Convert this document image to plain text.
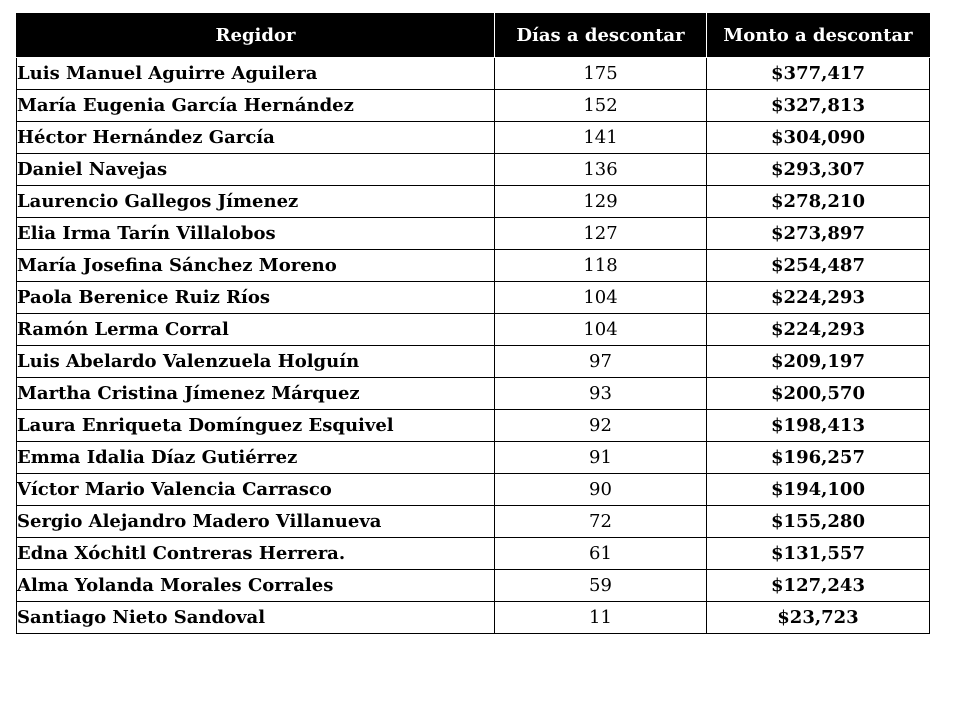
Regidor	Días a descontar	Monto a descontar
Luis Manuel Aguirre Aguilera	175	$377,417
María Eugenia García Hernández	152	$327,813
Héctor Hernández García	141	$304,090
Daniel Navejas	136	$293,307
Laurencio Gallegos Jímenez	129	$278,210
Elia Irma Tarín Villalobos	127	$273,897
María Josefina Sánchez Moreno	118	$254,487
Paola Berenice Ruiz Ríos	104	$224,293
Ramón Lerma Corral	104	$224,293
Luis Abelardo Valenzuela Holguín	97	$209,197
Martha Cristina Jímenez Márquez	93	$200,570
Laura Enriqueta Domínguez Esquivel	92	$198,413
Emma Idalia Díaz Gutiérrez	91	$196,257
Víctor Mario Valencia Carrasco	90	$194,100
Sergio Alejandro Madero Villanueva	72	$155,280
Edna Xóchitl Contreras Herrera.	61	$131,557
Alma Yolanda Morales Corrales	59	$127,243
Santiago Nieto Sandoval	11	$23,723
